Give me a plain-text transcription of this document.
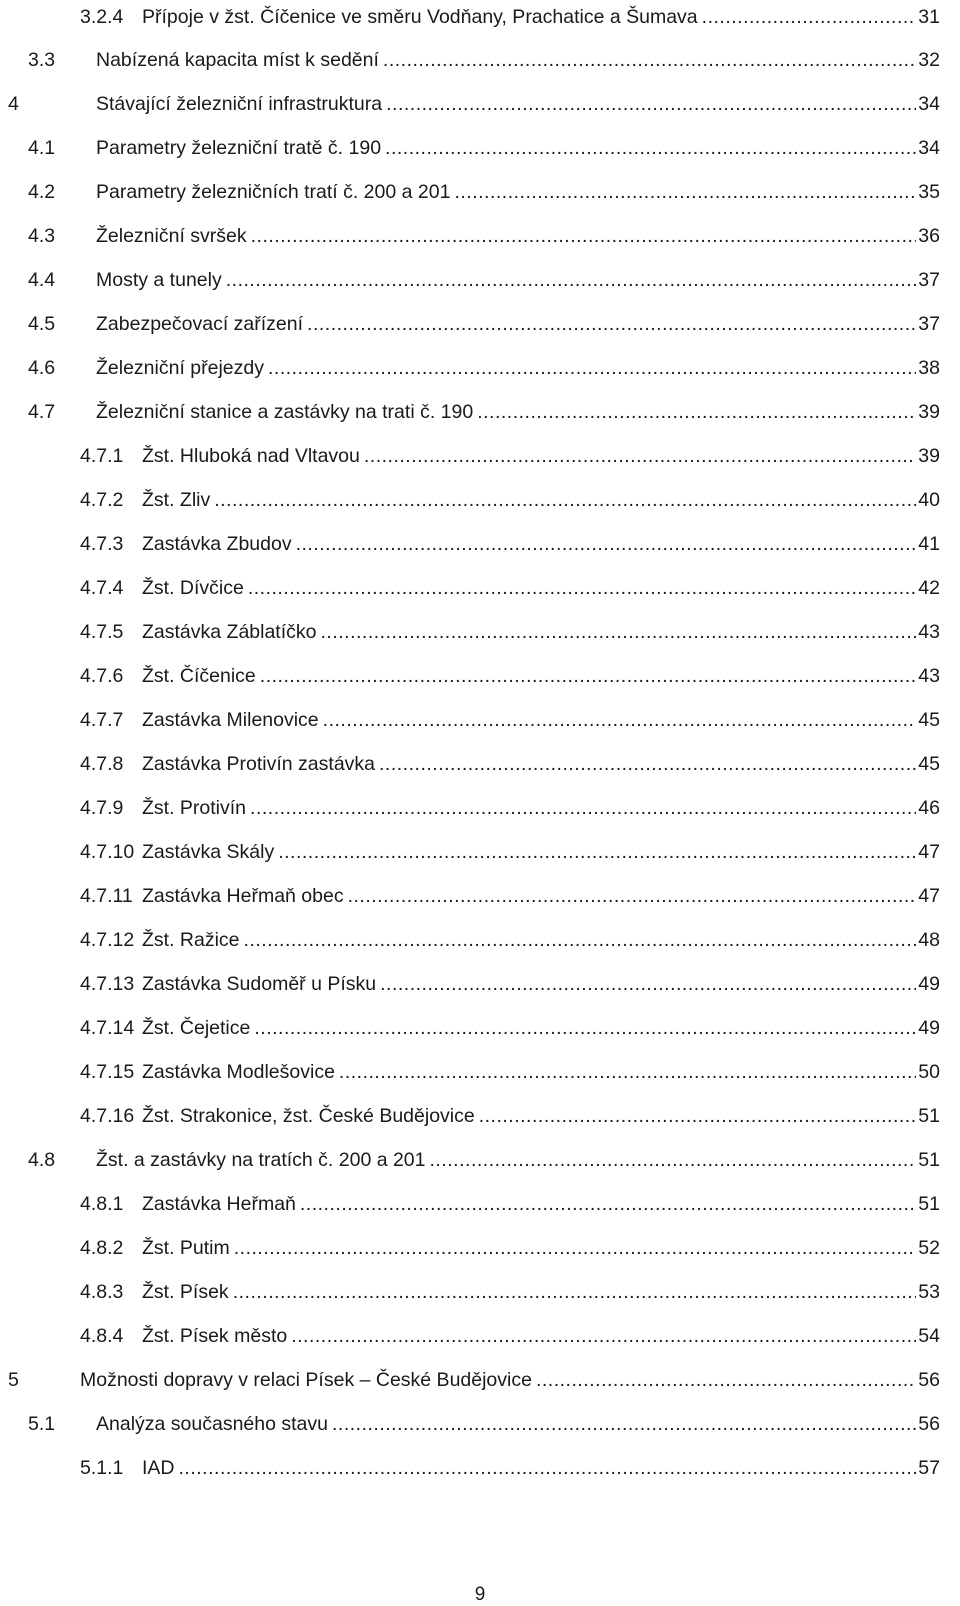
3.2.4 Přípoje v žst. Číčenice ve směru Vodňany, Prachatice a Šumava .....	31
3.3	Nabízená kapacita míst k sedění .....	32
4	Stávající železniční infrastruktura .....	34
4.1	Parametry železniční tratě č. 190 .....	34
4.2	Parametry železničních tratí č. 200 a 201 .....	35
4.3	Železniční svršek .....	36
4.4	Mosty a tunely .....	37
4.5	Zabezpečovací zařízení .....	37
4.6	Železniční přejezdy .....	38
4.7	Železniční stanice a zastávky na trati č. 190 .....	39
4.7.1 Žst. Hluboká nad Vltavou .....	39
4.7.2 Žst. Zliv .....	40
4.7.3 Zastávka Zbudov .....	41
4.7.4 Žst. Dívčice .....	42
4.7.5 Zastávka Záblatíčko .....	43
4.7.6 Žst. Číčenice .....	43
4.7.7 Zastávka Milenovice .....	45
4.7.8 Zastávka Protivín zastávka .....	45
4.7.9 Žst. Protivín .....	46
4.7.10 Zastávka Skály .....	47
4.7.11 Zastávka Heřmaň obec .....	47
4.7.12 Žst. Ražice .....	48
4.7.13 Zastávka Sudoměř u Písku .....	49
4.7.14 Žst. Čejetice .....	49
4.7.15 Zastávka Modlešovice .....	50
4.7.16 Žst. Strakonice, žst. České Budějovice .....	51
4.8	Žst. a zastávky na tratích č. 200 a 201 .....	51
4.8.1 Zastávka Heřmaň .....	51
4.8.2 Žst. Putim .....	52
4.8.3 Žst. Písek .....	53
4.8.4 Žst. Písek město .....	54
5	Možnosti dopravy v relaci Písek – České Budějovice .....	56
5.1	Analýza současného stavu .....	56
5.1.1 IAD .....	57
9
